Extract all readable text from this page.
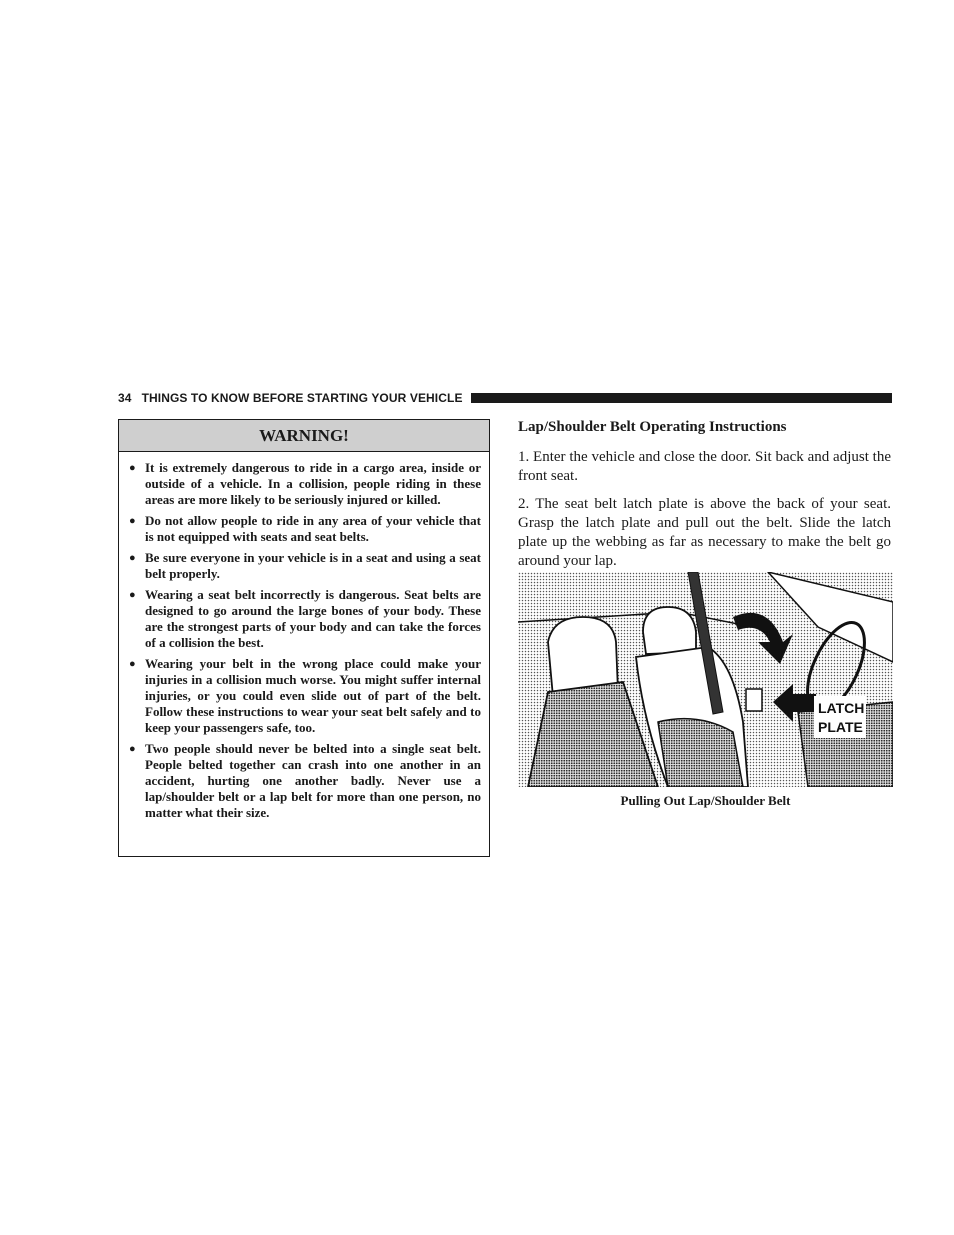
34 THINGS TO KNOW BEFORE STARTING YOUR VEHICLE
WARNING!
● It is extremely dangerous to ride in a cargo area, inside or outside of a vehicle. In a collision, people riding in these areas are more likely to be seriously injured or killed.
● Do not allow people to ride in any area of your vehicle that is not equipped with seats and seat belts.
● Be sure everyone in your vehicle is in a seat and using a seat belt properly.
● Wearing a seat belt incorrectly is dangerous. Seat belts are designed to go around the large bones of your body. These are the strongest parts of your body and can take the forces of a collision the best.
● Wearing your belt in the wrong place could make your injuries in a collision much worse. You might suffer internal injuries, or you could even slide out of part of the belt. Follow these instructions to wear your seat belt safely and to keep your passengers safe, too.
● Two people should never be belted into a single seat belt. People belted together can crash into one another in an accident, hurting one another badly. Never use a lap/shoulder belt or a lap belt for more than one person, no matter what their size.
Lap/Shoulder Belt Operating Instructions

1. Enter the vehicle and close the door. Sit back and adjust the front seat.

2. The seat belt latch plate is above the back of your seat. Grasp the latch plate and pull out the belt. Slide the latch plate up the webbing as far as necessary to make the belt go around your lap.

LATCH
PLATE
Pulling Out Lap/Shoulder Belt
